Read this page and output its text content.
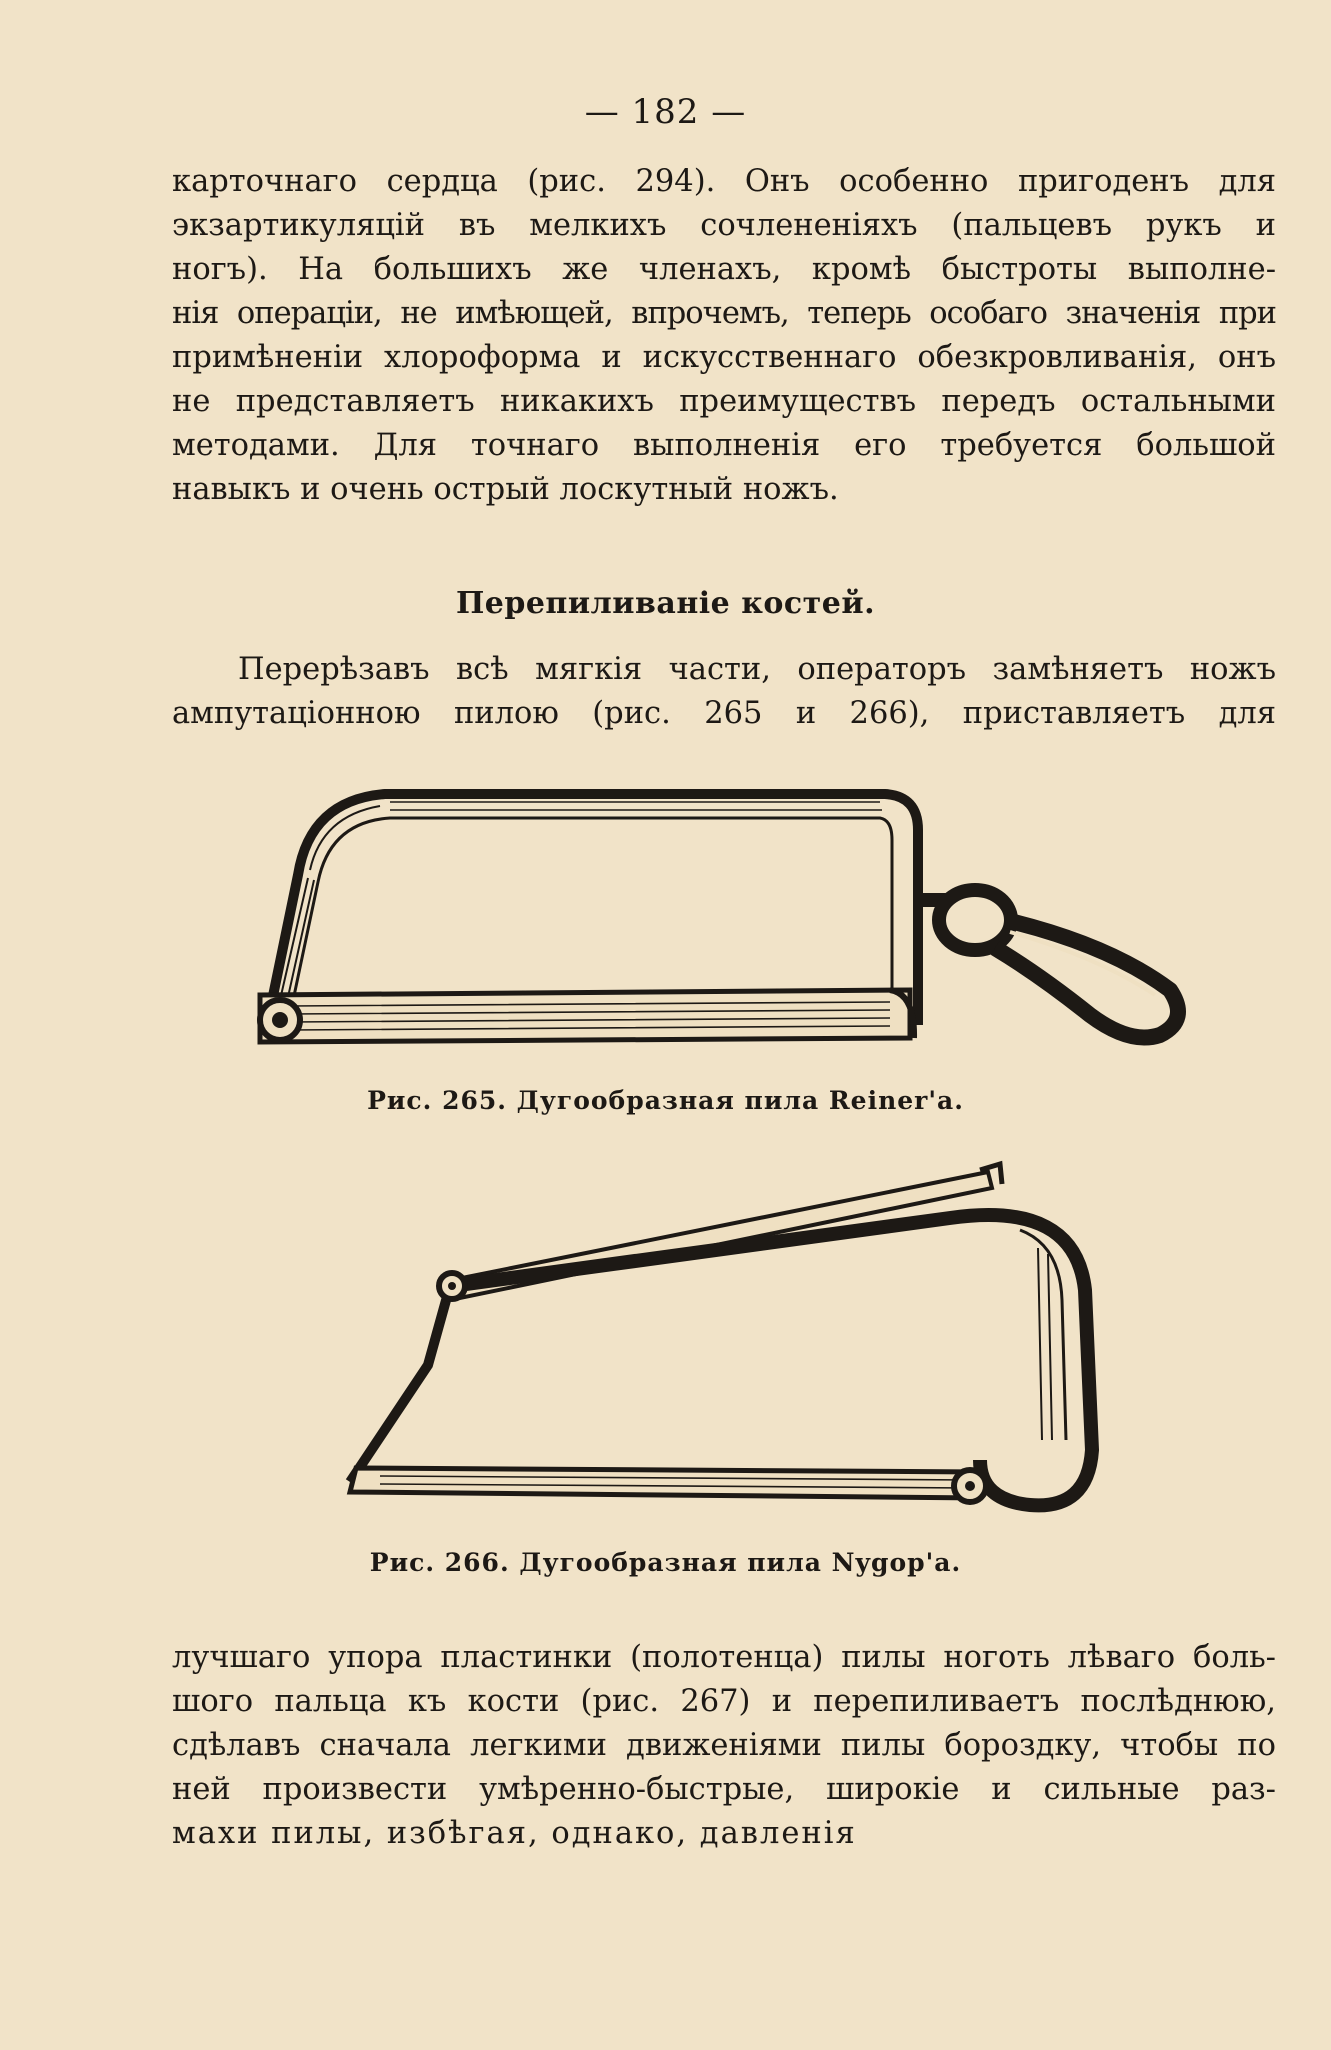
— 182 —
карточнаго сердца (рис. 294). Онъ особенно пригоденъ для
экзартикуляцій въ мелкихъ сочлененіяхъ (пальцевъ рукъ и
ногъ). На большихъ же членахъ, кромѣ быстроты выполне-
нія операціи, не имѣющей, впрочемъ, теперь особаго значенія при
примѣненіи хлороформа и искусственнаго обезкровливанія, онъ
не представляетъ никакихъ преимуществъ передъ остальными
методами. Для точнаго выполненія его требуется большой
навыкъ и очень острый лоскутный ножъ.
Перепиливаніе костей.
Перерѣзавъ всѣ мягкія части, операторъ замѣняетъ ножъ
ампутаціонною пилою (рис. 265 и 266), приставляетъ для
Рис. 265. Дугообразная пила Reiner'a.
Рис. 266. Дугообразная пила Nygop'a.
лучшаго упора пластинки (полотенца) пилы ноготь лѣваго боль-
шого пальца къ кости (рис. 267) и перепиливаетъ послѣднюю,
сдѣлавъ сначала легкими движеніями пилы бороздку, чтобы по
ней произвести умѣренно-быстрые, широкіе и сильные раз-
махи пилы, избѣгая, однако, давленія
